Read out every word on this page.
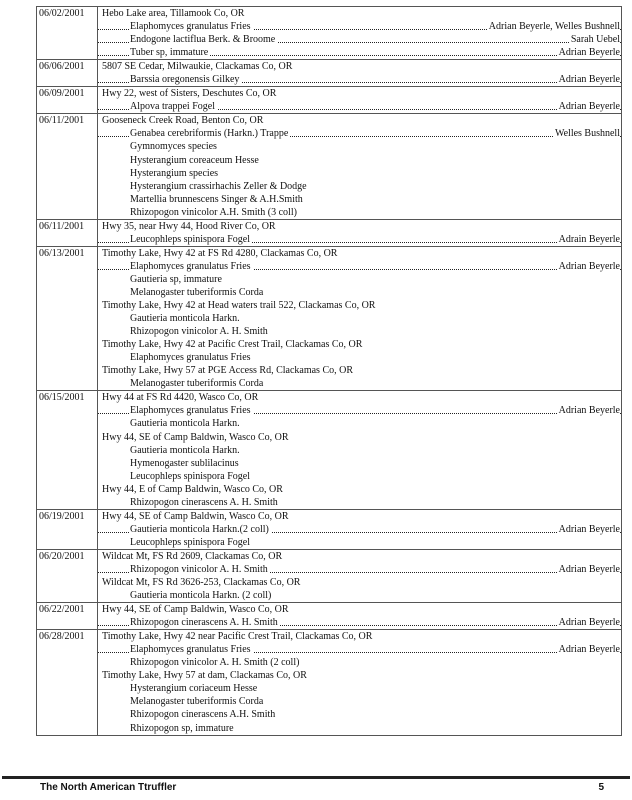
06/02/2001	Hebo Lake area, Tillamook Co, OR
Elaphomyces granulatus Fries	Adrian Beyerle, Welles Bushnell
Endogone lactiflua Berk. & Broome	Sarah Uebel
Tuber sp, immature	Adrian Beyerle
06/06/2001	5807 SE Cedar, Milwaukie, Clackamas Co, OR
Barssia oregonensis Gilkey	Adrian Beyerle
06/09/2001	Hwy 22, west of Sisters, Deschutes Co, OR
Alpova trappei Fogel	Adrian Beyerle
06/11/2001	Gooseneck Creek Road, Benton Co, OR
Genabea cerebriformis (Harkn.) Trappe	Welles Bushnell
Gymnomyces species
Hysterangium coreaceum Hesse
Hysterangium species
Hysterangium crassirhachis Zeller & Dodge
Martellia brunnescens Singer & A.H.Smith
Rhizopogon vinicolor A.H. Smith (3 coll)
06/11/2001	Hwy 35, near Hwy 44, Hood River Co, OR
Leucophleps spinispora Fogel	Adrain Beyerle
06/13/2001	Timothy Lake, Hwy 42 at FS Rd 4280, Clackamas Co, OR
Elaphomyces granulatus Fries	Adrian Beyerle
Gautieria sp, immature
Melanogaster tuberiformis Corda
Timothy Lake, Hwy 42 at Head waters trail 522, Clackamas Co, OR
Gautieria monticola Harkn.
Rhizopogon vinicolor A. H. Smith
Timothy Lake, Hwy 42 at Pacific Crest Trail, Clackamas Co, OR
Elaphomyces granulatus Fries
Timothy Lake, Hwy 57 at PGE Access Rd, Clackamas Co, OR
Melanogaster tuberiformis Corda
06/15/2001	Hwy 44 at FS Rd 4420, Wasco Co, OR
Elaphomyces granulatus Fries	Adrian Beyerle
Gautieria monticola Harkn.
Hwy 44, SE of Camp Baldwin, Wasco Co, OR
Gautieria monticola Harkn.
Hymenogaster sublilacinus
Leucophleps spinispora Fogel
Hwy 44, E of Camp Baldwin, Wasco Co, OR
Rhizopogon cinerascens A. H. Smith
06/19/2001	Hwy 44, SE of Camp Baldwin, Wasco Co, OR
Gautieria monticola Harkn.(2 coll)	Adrian Beyerle
Leucophleps spinispora Fogel
06/20/2001	Wildcat Mt, FS Rd 2609, Clackamas Co, OR
Rhizopogon vinicolor A. H. Smith	Adrian Beyerle
Wildcat Mt, FS Rd 3626-253, Clackamas Co, OR
Gautieria monticola Harkn. (2 coll)
06/22/2001	Hwy 44, SE of Camp Baldwin, Wasco Co, OR
Rhizopogon cinerascens A. H. Smith	Adrian Beyerle
06/28/2001	Timothy Lake, Hwy 42 near Pacific Crest Trail, Clackamas Co, OR
Elaphomyces granulatus Fries	Adrian Beyerle
Rhizopogon vinicolor A. H. Smith (2 coll)
Timothy Lake, Hwy 57 at dam, Clackamas Co, OR
Hysterangium coriaceum Hesse
Melanogaster tuberiformis Corda
Rhizopogon cinerascens A.H. Smith
Rhizopogon sp, immature
The North American Ttruffler	5
